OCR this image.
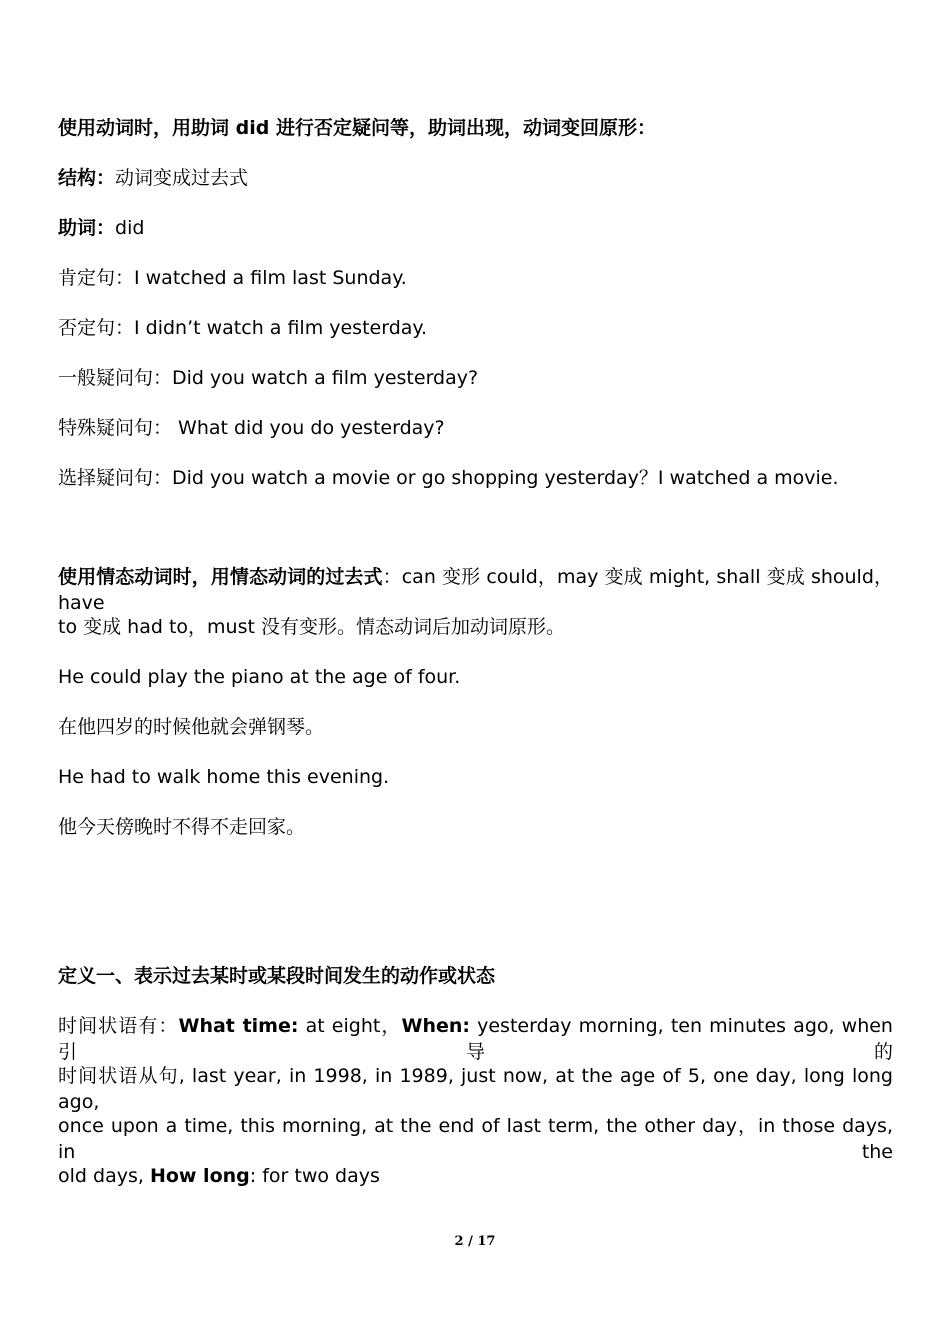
使用动词时，用助词 did 进行否定疑问等，助词出现，动词变回原形：
结构：动词变成过去式
助词：did
肯定句：I watched a film last Sunday.
否定句：I didn’t watch a film yesterday.
一般疑问句：Did you watch a film yesterday?
特殊疑问句： What did you do yesterday?
选择疑问句：Did you watch a movie or go shopping yesterday？I watched a movie.
使用情态动词时，用情态动词的过去式：can 变形 could，may 变成 might, shall 变成 should，have
to 变成 had to，must 没有变形。情态动词后加动词原形。
He could play the piano at the age of four.
在他四岁的时候他就会弹钢琴。
He had to walk home this evening.
他今天傍晚时不得不走回家。
定义一、表示过去某时或某段时间发生的动作或状态
时间状语有：What time: at eight，When: yesterday morning, ten minutes ago, when 引导的
时间状语从句, last year, in 1998, in 1989, just now, at the age of 5, one day, long long ago,
once upon a time, this morning, at the end of last term, the other day，in those days, in the
old days, How long: for two days
2 / 17
